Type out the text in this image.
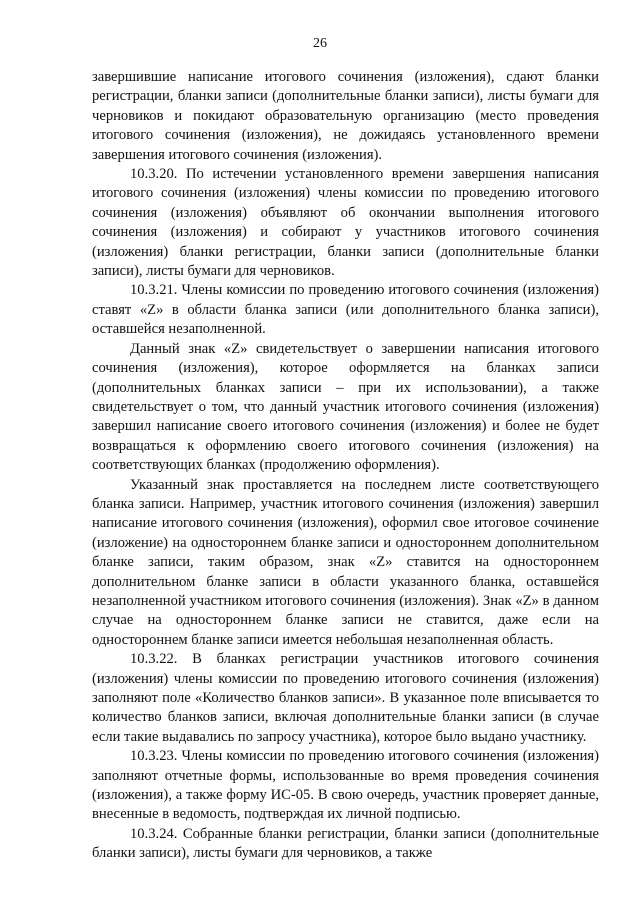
26

завершившие написание итогового сочинения (изложения), сдают бланки регистрации, бланки записи (дополнительные бланки записи), листы бумаги для черновиков и покидают образовательную организацию (место проведения итогового сочинения (изложения), не дожидаясь установленного времени завершения итогового сочинения (изложения).

10.3.20. По истечении установленного времени завершения написания итогового сочинения (изложения) члены комиссии по проведению итогового сочинения (изложения) объявляют об окончании выполнения итогового сочинения (изложения) и собирают у участников итогового сочинения (изложения) бланки регистрации, бланки записи (дополнительные бланки записи), листы бумаги для черновиков.

10.3.21. Члены комиссии по проведению итогового сочинения (изложения) ставят «Z» в области бланка записи (или дополнительного бланка записи), оставшейся незаполненной.

Данный знак «Z» свидетельствует о завершении написания итогового сочинения (изложения), которое оформляется на бланках записи (дополнительных бланках записи – при их использовании), а также свидетельствует о том, что данный участник итогового сочинения (изложения) завершил написание своего итогового сочинения (изложения) и более не будет возвращаться к оформлению своего итогового сочинения (изложения) на соответствующих бланках (продолжению оформления).

Указанный знак проставляется на последнем листе соответствующего бланка записи. Например, участник итогового сочинения (изложения) завершил написание итогового сочинения (изложения), оформил свое итоговое сочинение (изложение) на одностороннем бланке записи и одностороннем дополнительном бланке записи, таким образом, знак «Z» ставится на одностороннем дополнительном бланке записи в области указанного бланка, оставшейся незаполненной участником итогового сочинения (изложения). Знак «Z» в данном случае на одностороннем бланке записи не ставится, даже если на одностороннем бланке записи имеется небольшая незаполненная область.

10.3.22. В бланках регистрации участников итогового сочинения (изложения) члены комиссии по проведению итогового сочинения (изложения) заполняют поле «Количество бланков записи». В указанное поле вписывается то количество бланков записи, включая дополнительные бланки записи (в случае если такие выдавались по запросу участника), которое было выдано участнику.

10.3.23. Члены комиссии по проведению итогового сочинения (изложения) заполняют отчетные формы, использованные во время проведения сочинения (изложения), а также форму ИС-05. В свою очередь, участник проверяет данные, внесенные в ведомость, подтверждая их личной подписью.

10.3.24. Собранные бланки регистрации, бланки записи (дополнительные бланки записи), листы бумаги для черновиков, а также
